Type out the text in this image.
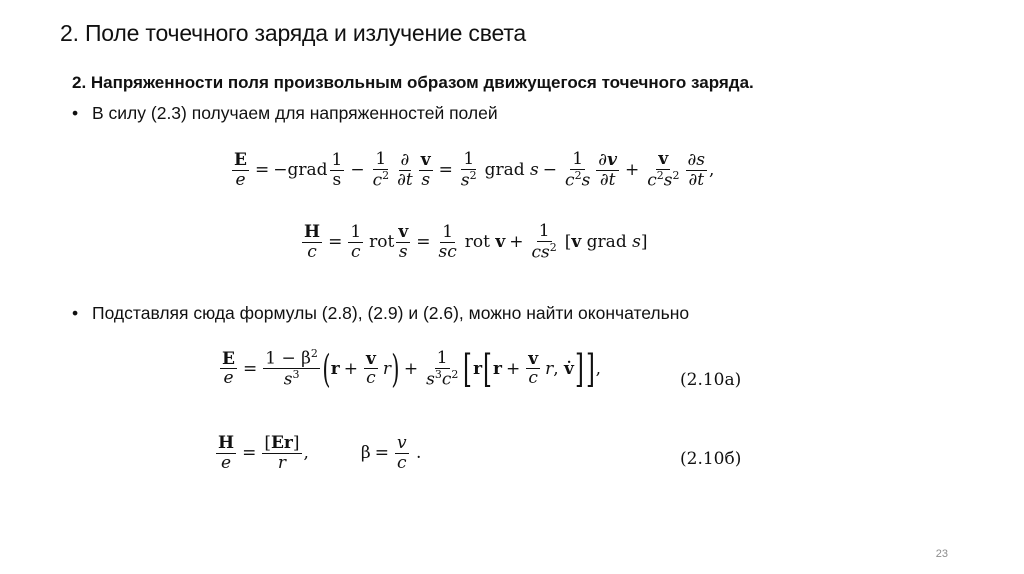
2. Поле точечного заряда и излучение света
2. Напряженности поля произвольным образом движущегося точечного заряда.
• В силу (2.3) получаем для напряженностей полей
$\frac{E}{e}$ = −grad
1
$s - \frac{1}{c^2}$ ∂
$\partial t \frac{v}{s} = \frac{1}{s^2}$ grad $s - \frac{1}{c^2s} \partial v$
$\partial t + \frac{v}{c^2s^2} \partial s$
∂t ,
$\frac{H}{c} = \frac{1}{c}$ rot $\frac{v}{s} = \frac{1}{sc}$ rot $v + \frac{1}{cs^2} [v$ grad s]
• Подставляя сюда формулы (2.8), (2.9) и (2.6), можно найти окончательно
$\frac{E}{e} = \frac{1 - \beta^2}{s^3}$ ( $r + \frac{v}{c}$ r ) + $\frac{1}{s^3c^2}$ [ r [ $r + \frac{v}{c}$ r , v̇ ] ] ,
(2.10а)
$\frac{H}{e} = \frac{[Er]}{r}$ ,	$\beta = \frac{v}{c}$ .	(2.10б)
23
